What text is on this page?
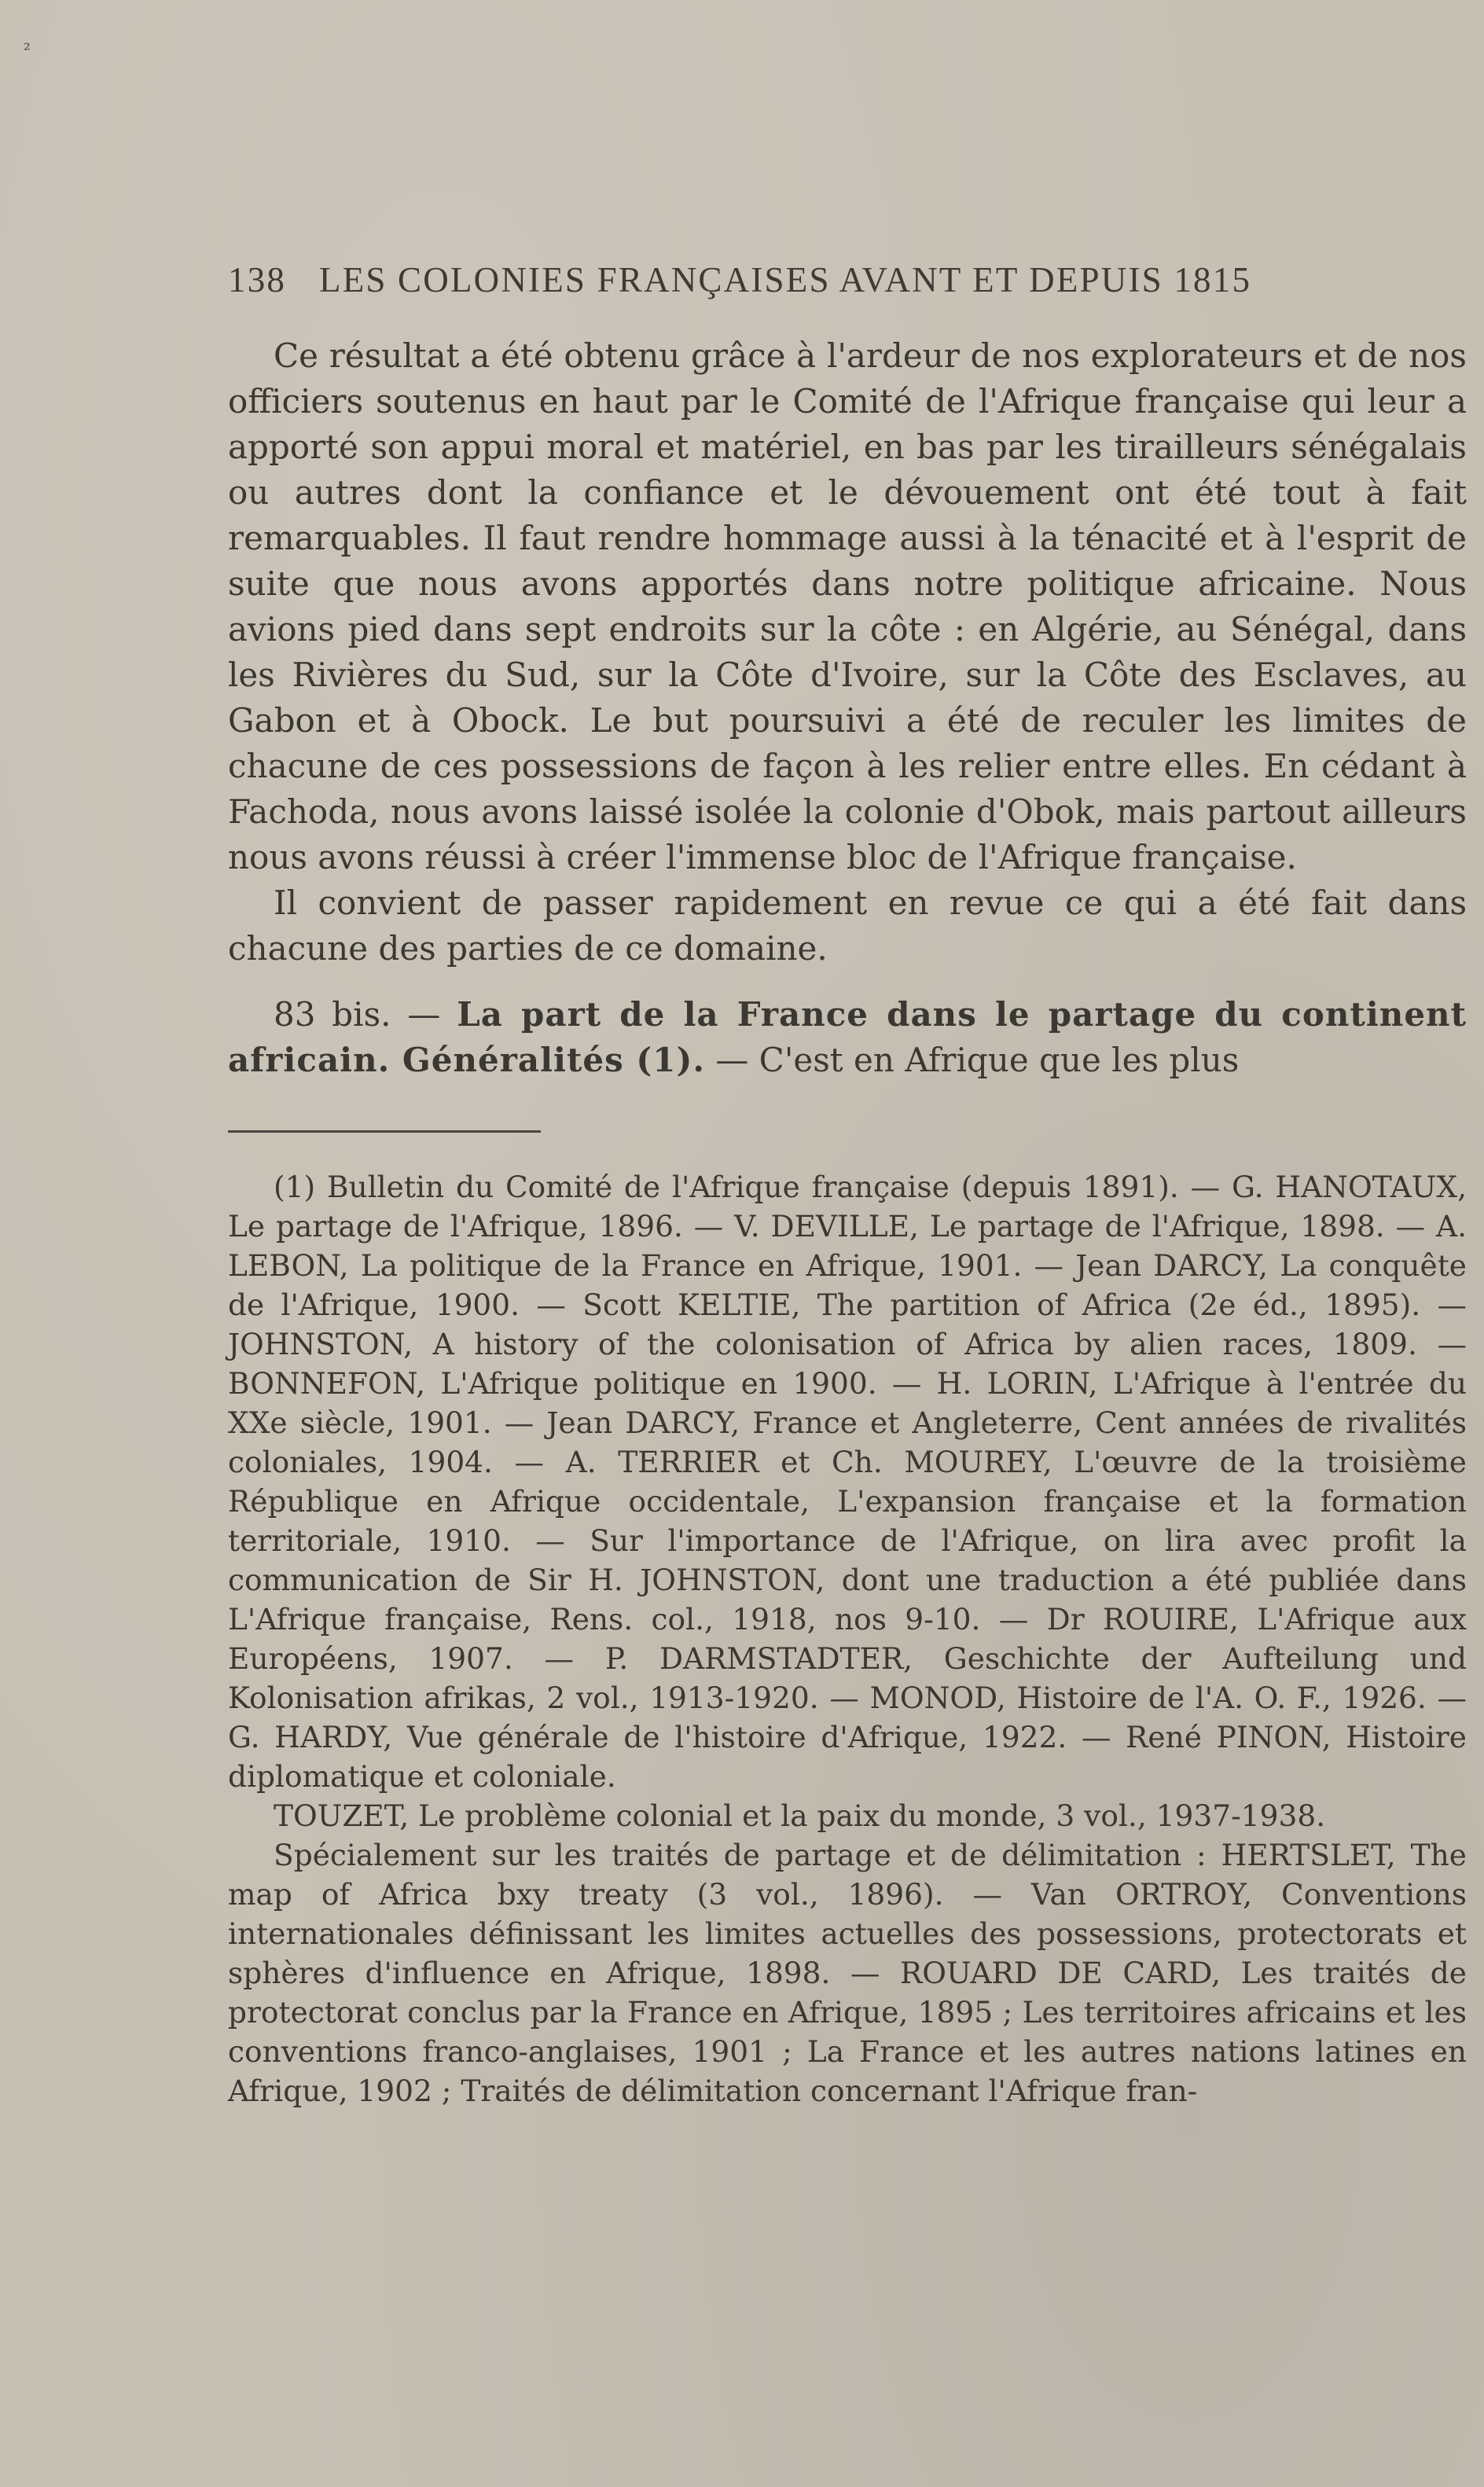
²
138 LES COLONIES FRANÇAISES AVANT ET DEPUIS 1815

Ce résultat a été obtenu grâce à l'ardeur de nos explorateurs et de nos officiers soutenus en haut par le Comité de l'Afrique française qui leur a apporté son appui moral et matériel, en bas par les tirailleurs sénégalais ou autres dont la confiance et le dévouement ont été tout à fait remarquables. Il faut rendre hommage aussi à la ténacité et à l'esprit de suite que nous avons apportés dans notre politique africaine. Nous avions pied dans sept endroits sur la côte : en Algérie, au Sénégal, dans les Rivières du Sud, sur la Côte d'Ivoire, sur la Côte des Esclaves, au Gabon et à Obock. Le but poursuivi a été de reculer les limites de chacune de ces possessions de façon à les relier entre elles. En cédant à Fachoda, nous avons laissé isolée la colonie d'Obok, mais partout ailleurs nous avons réussi à créer l'immense bloc de l'Afrique française.

Il convient de passer rapidement en revue ce qui a été fait dans chacune des parties de ce domaine.

83 bis. — La part de la France dans le partage du continent africain. Généralités (1). — C'est en Afrique que les plus

(1) Bulletin du Comité de l'Afrique française (depuis 1891). — G. HANOTAUX, Le partage de l'Afrique, 1896. — V. DEVILLE, Le partage de l'Afrique, 1898. — A. LEBON, La politique de la France en Afrique, 1901. — Jean DARCY, La conquête de l'Afrique, 1900. — Scott KELTIE, The partition of Africa (2e éd., 1895). — JOHNSTON, A history of the colonisation of Africa by alien races, 1809. — BONNEFON, L'Afrique politique en 1900. — H. LORIN, L'Afrique à l'entrée du XXe siècle, 1901. — Jean DARCY, France et Angleterre, Cent années de rivalités coloniales, 1904. — A. TERRIER et Ch. MOUREY, L'œuvre de la troisième République en Afrique occidentale, L'expansion française et la formation territoriale, 1910. — Sur l'importance de l'Afrique, on lira avec profit la communication de Sir H. JOHNSTON, dont une traduction a été publiée dans L'Afrique française, Rens. col., 1918, nos 9-10. — Dr ROUIRE, L'Afrique aux Européens, 1907. — P. DARMSTADTER, Geschichte der Aufteilung und Kolonisation afrikas, 2 vol., 1913-1920. — MONOD, Histoire de l'A. O. F., 1926. — G. HARDY, Vue générale de l'histoire d'Afrique, 1922. — René PINON, Histoire diplomatique et coloniale.

TOUZET, Le problème colonial et la paix du monde, 3 vol., 1937-1938.

Spécialement sur les traités de partage et de délimitation : HERTSLET, The map of Africa bxy treaty (3 vol., 1896). — Van ORTROY, Conventions internationales définissant les limites actuelles des possessions, protectorats et sphères d'influence en Afrique, 1898. — ROUARD DE CARD, Les traités de protectorat conclus par la France en Afrique, 1895 ; Les territoires africains et les conventions franco-anglaises, 1901 ; La France et les autres nations latines en Afrique, 1902 ; Traités de délimitation concernant l'Afrique fran-
